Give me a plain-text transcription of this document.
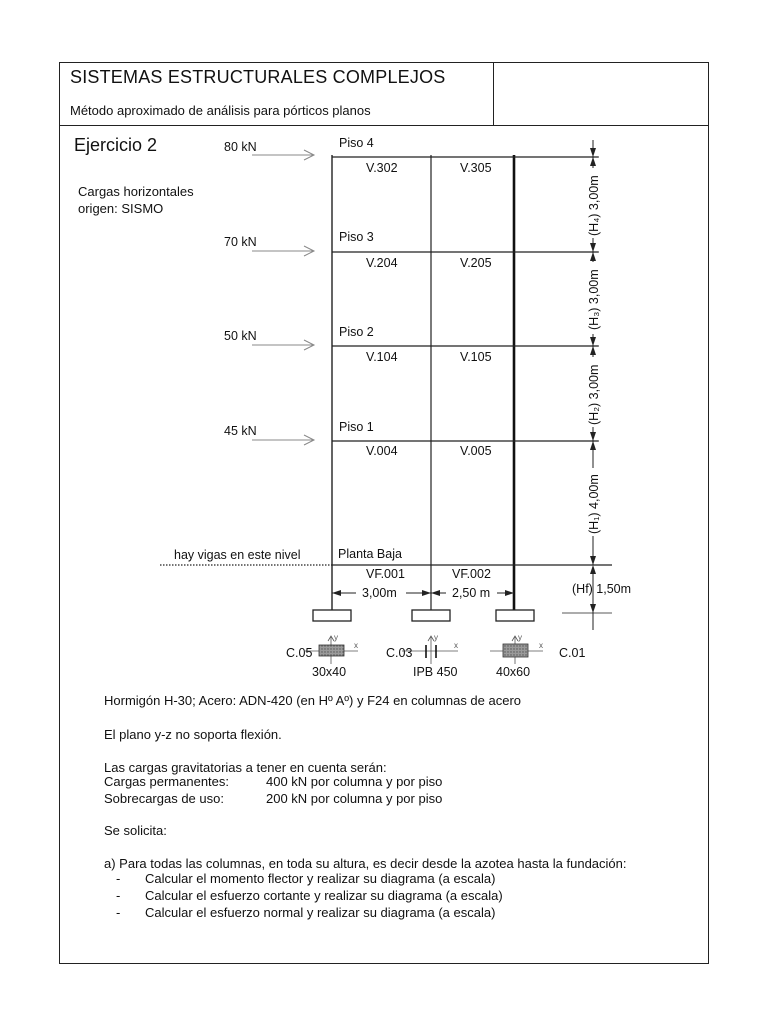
SISTEMAS ESTRUCTURALES COMPLEJOS
Método aproximado de análisis para pórticos planos
Ejercicio 2
Cargas horizontales
origen: SISMO
80 kN
70 kN
50 kN
45 kN
Piso 4
Piso 3
Piso 2
Piso 1
Planta Baja
hay vigas en este nivel
V.302	V.305
V.204	V.205
V.104	V.105
V.004	V.005
VF.001	VF.002
(H₄) 3,00m
(H₃) 3,00m
(H₂) 3,00m
(H₁) 4,00m
(Hf) 1,50m
3,00m	2,50 m
y
x
y
x
y
x
C.05	C.03	C.01
30x40	IPB 450	40x60
Hormigón H-30; Acero: ADN-420 (en Hº Aº) y F24 en columnas de acero
El plano y-z no soporta flexión.
Las cargas gravitatorias a tener en cuenta serán:
Cargas permanentes:	400 kN por columna y por piso
Sobrecargas de uso:	200 kN por columna y por piso
Se solicita:
a) Para todas las columnas, en toda su altura, es decir desde la azotea hasta la fundación:
- Calcular el momento flector y realizar su diagrama (a escala)
- Calcular el esfuerzo cortante y realizar su diagrama (a escala)
- Calcular el esfuerzo normal y realizar su diagrama (a escala)
